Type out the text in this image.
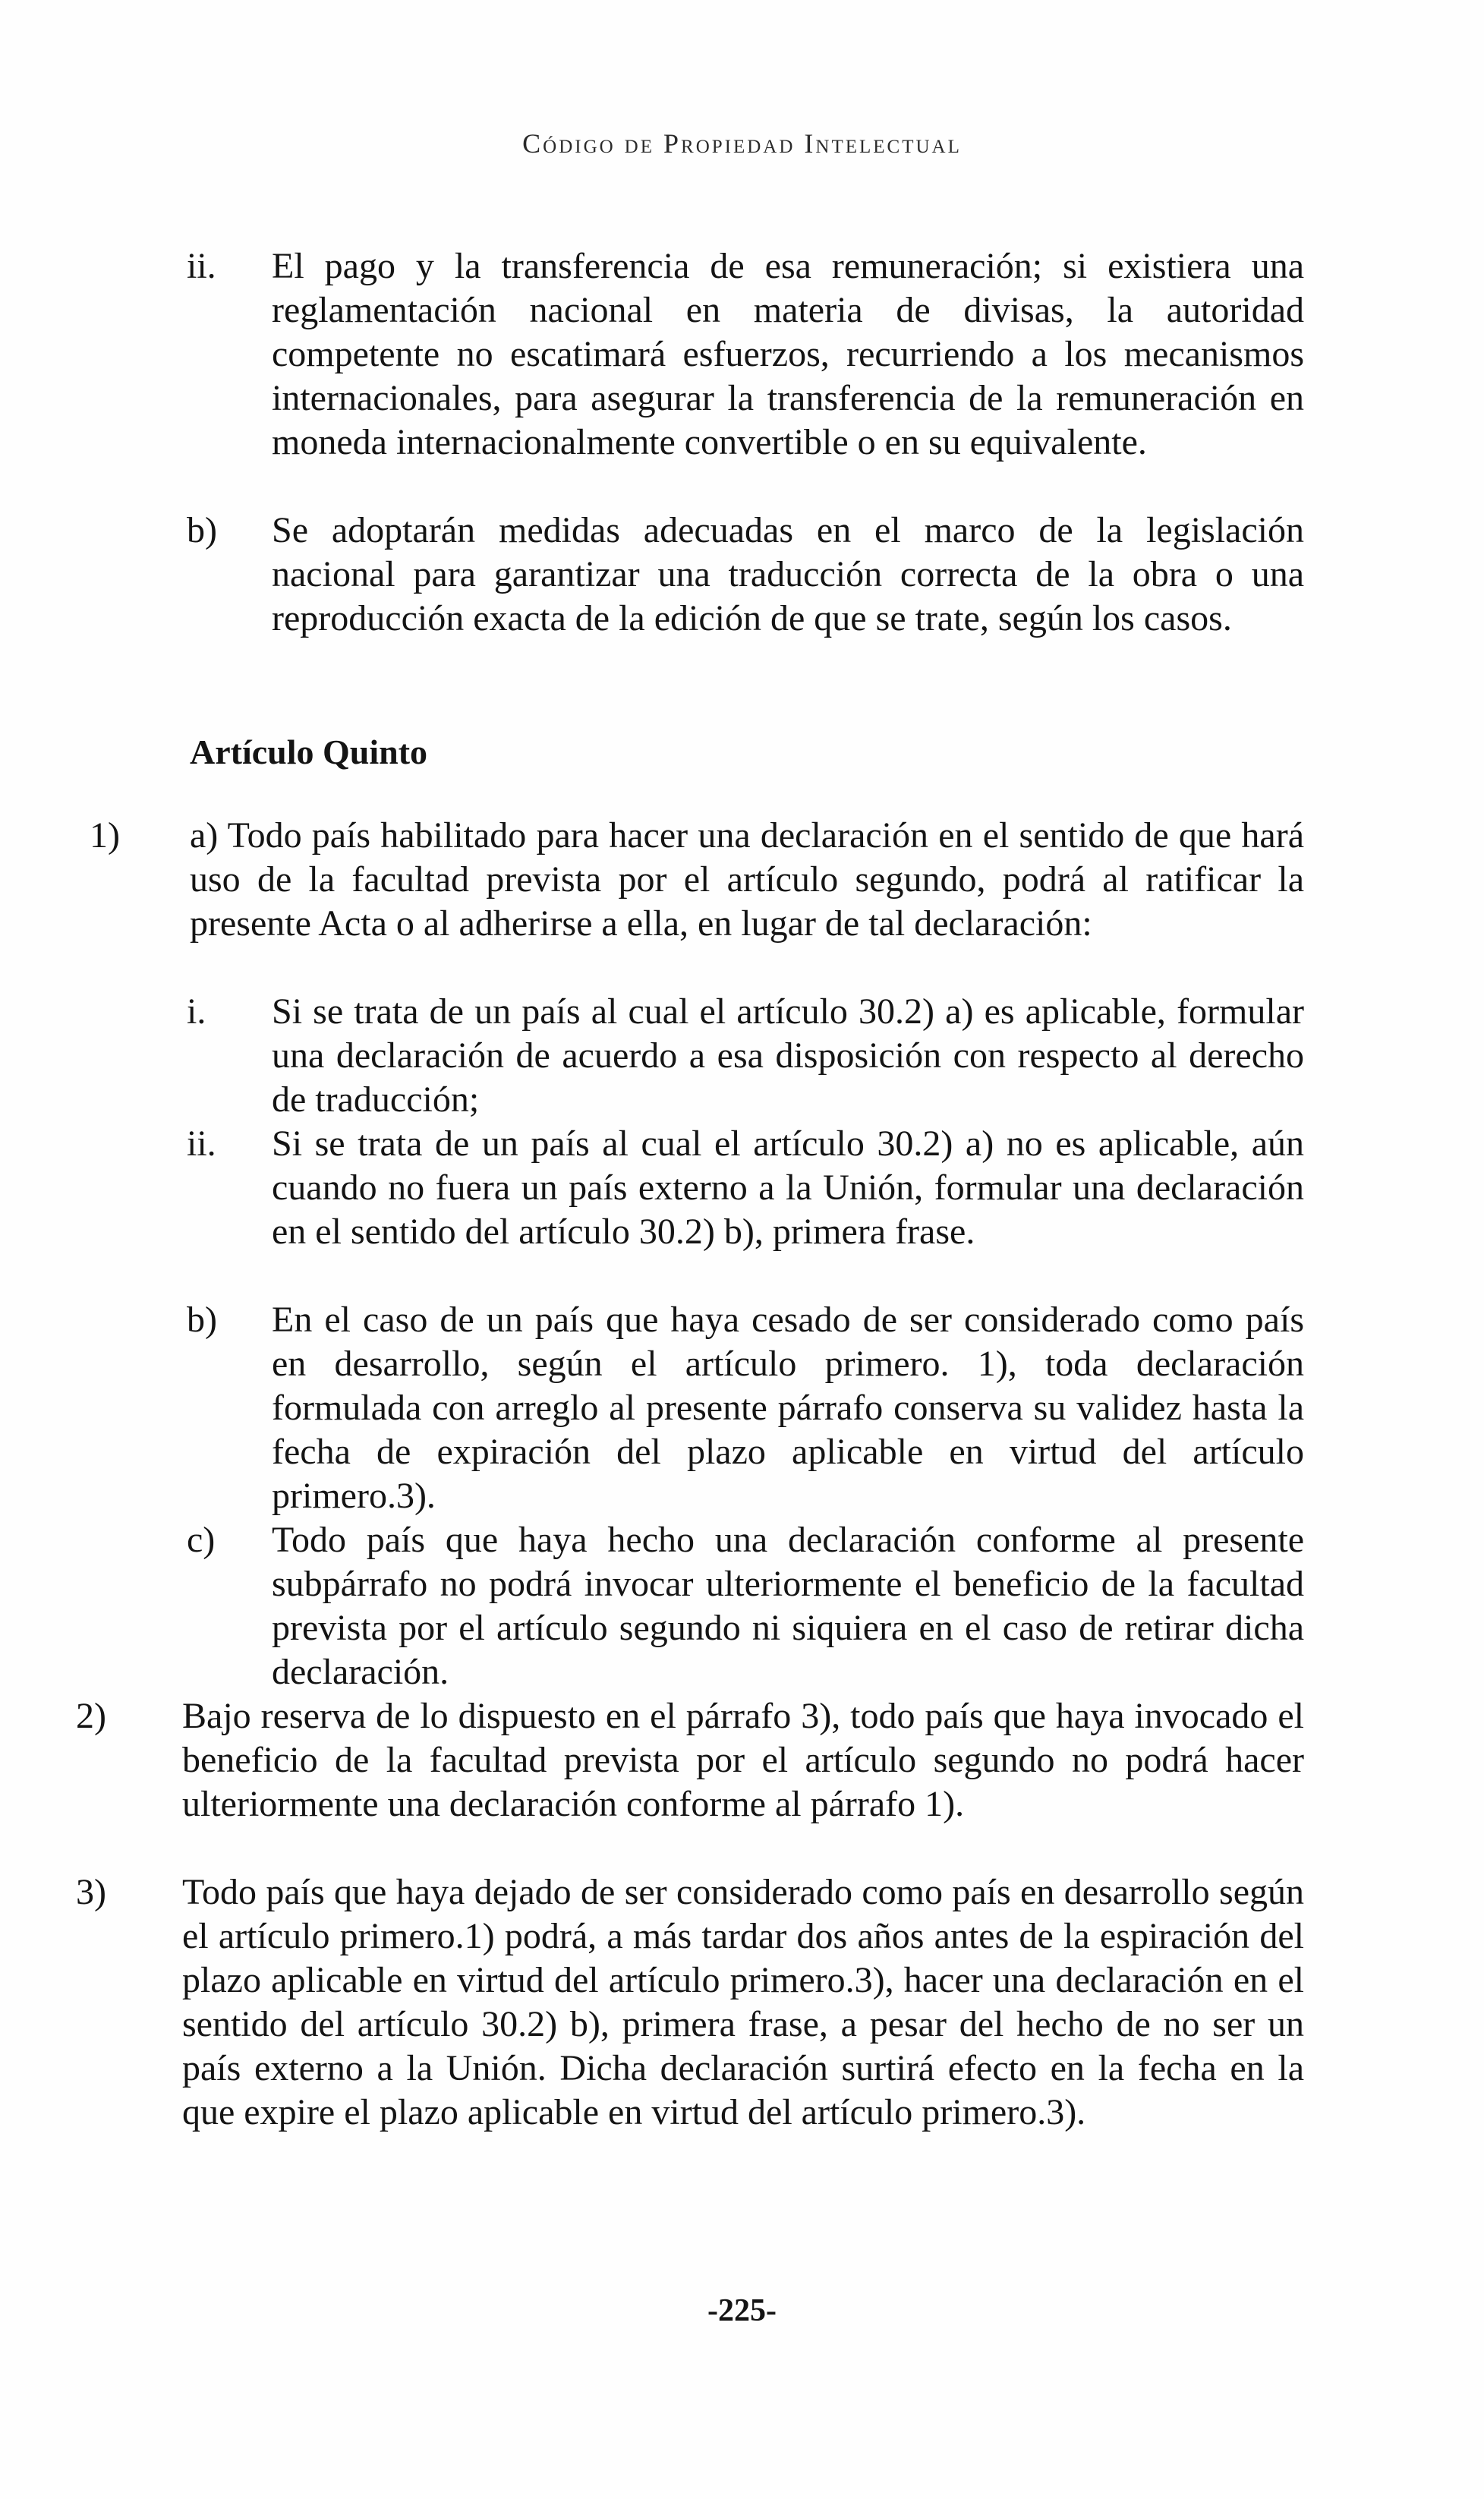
Código de Propiedad Intelectual
ii. El pago y la transferencia de esa remuneración; si existiera una reglamentación nacional en materia de divisas, la autoridad competente no escatimará esfuerzos, recurriendo a los mecanismos internacionales, para asegurar la transferencia de la remuneración en moneda internacionalmente convertible o en su equivalente.
b) Se adoptarán medidas adecuadas en el marco de la legislación nacional para garantizar una traducción correcta de la obra o una reproducción exacta de la edición de que se trate, según los casos.
Artículo Quinto
1) a) Todo país habilitado para hacer una declaración en el sentido de que hará uso de la facultad prevista por el artículo segundo, podrá al ratificar la presente Acta o al adherirse a ella, en lugar de tal declaración:
i. Si se trata de un país al cual el artículo 30.2) a) es aplicable, formular una declaración de acuerdo a esa disposición con respecto al derecho de traducción;
ii. Si se trata de un país al cual el artículo 30.2) a) no es aplicable, aún cuando no fuera un país externo a la Unión, formular una declaración en el sentido del artículo 30.2) b), primera frase.
b) En el caso de un país que haya cesado de ser considerado como país en desarrollo, según el artículo primero. 1), toda declaración formulada con arreglo al presente párrafo conserva su validez hasta la fecha de expiración del plazo aplicable en virtud del artículo primero.3).
c) Todo país que haya hecho una declaración conforme al presente subpárrafo no podrá invocar ulteriormente el beneficio de la facultad prevista por el artículo segundo ni siquiera en el caso de retirar dicha declaración.
2) Bajo reserva de lo dispuesto en el párrafo 3), todo país que haya invocado el beneficio de la facultad prevista por el artículo segundo no podrá hacer ulteriormente una declaración conforme al párrafo 1).
3) Todo país que haya dejado de ser considerado como país en desarrollo según el artículo primero.1) podrá, a más tardar dos años antes de la espiración del plazo aplicable en virtud del artículo primero.3), hacer una declaración en el sentido del artículo 30.2) b), primera frase, a pesar del hecho de no ser un país externo a la Unión. Dicha declaración surtirá efecto en la fecha en la que expire el plazo aplicable en virtud del artículo primero.3).
-225-
